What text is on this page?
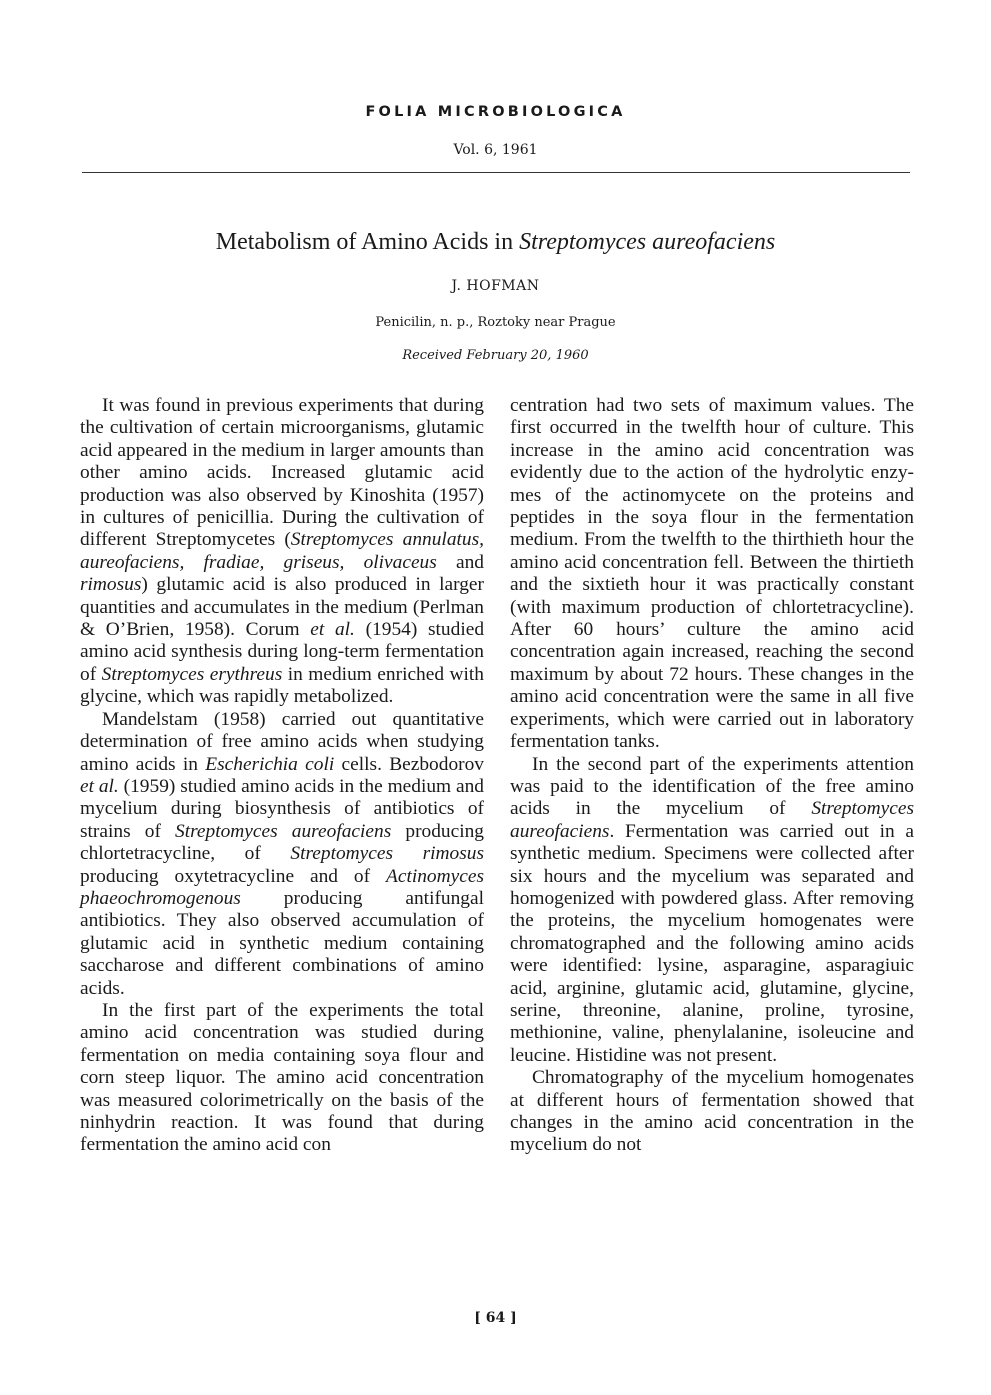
FOLIA MICROBIOLOGICA
Vol. 6, 1961
Metabolism of Amino Acids in Streptomyces aureofaciens
J. HOFMAN
Penicilin, n. p., Roztoky near Prague
Received February 20, 1960

It was found in previous experiments that during the cultivation of certain microorganisms, glutamic acid appeared in the medium in larger amounts than other amino acids. Increased glutamic acid production was also observed by Kinoshita (1957) in cultures of penicillia. During the cultivation of different Streptomycetes (Streptomyces annulatus, aureofaciens, fradiae, griseus, olivaceus and rimosus) glutamic acid is also produced in larger quantities and accumulates in the medium (Perlman & O’Brien, 1958). Corum et al. (1954) studied amino acid synthesis during long-term fermentation of Streptomyces erythreus in medium enriched with glycine, which was rapidly metabolized.

Mandelstam (1958) carried out quantitative determination of free amino acids when studying amino acids in Escherichia coli cells. Bezbodorov et al. (1959) studied amino acids in the medium and mycelium during biosynthesis of antibiotics of strains of Streptomyces aureofaciens producing chlortetracycline, of Streptomyces rimosus producing oxytetracycline and of Actinomyces phaeochromogenous producing antifungal antibiotics. They also observed accumulation of glutamic acid in synthetic medium containing saccharose and different combinations of amino acids.

In the first part of the experiments the total amino acid concentration was studied during fermentation on media containing soya flour and corn steep liquor. The amino acid concentration was measured colorimetrically on the basis of the ninhydrin reaction. It was found that during fermentation the amino acid con

centration had two sets of maximum values. The first occurred in the twelfth hour of culture. This increase in the amino acid concentration was evidently due to the action of the hydrolytic enzymes of the actinomycete on the proteins and peptides in the soya flour in the fermentation medium. From the twelfth to the thirthieth hour the amino acid concentration fell. Between the thirtieth and the sixtieth hour it was practically constant (with maximum production of chlortetracycline). After 60 hours’ culture the amino acid concentration again increased, reaching the second maximum by about 72 hours. These changes in the amino acid concentration were the same in all five experiments, which were carried out in laboratory fermentation tanks.

In the second part of the experiments attention was paid to the identification of the free amino acids in the mycelium of Streptomyces aureofaciens. Fermentation was carried out in a synthetic medium. Specimens were collected after six hours and the mycelium was separated and homogenized with powdered glass. After removing the proteins, the mycelium homogenates were chromatographed and the following amino acids were identified: lysine, asparagine, asparagiuic acid, arginine, glutamic acid, glutamine, glycine, serine, threonine, alanine, proline, tyrosine, methionine, valine, phenylalanine, isoleucine and leucine. Histidine was not present.

Chromatography of the mycelium homogenates at different hours of fermentation showed that changes in the amino acid concentration in the mycelium do not

[ 64 ]
